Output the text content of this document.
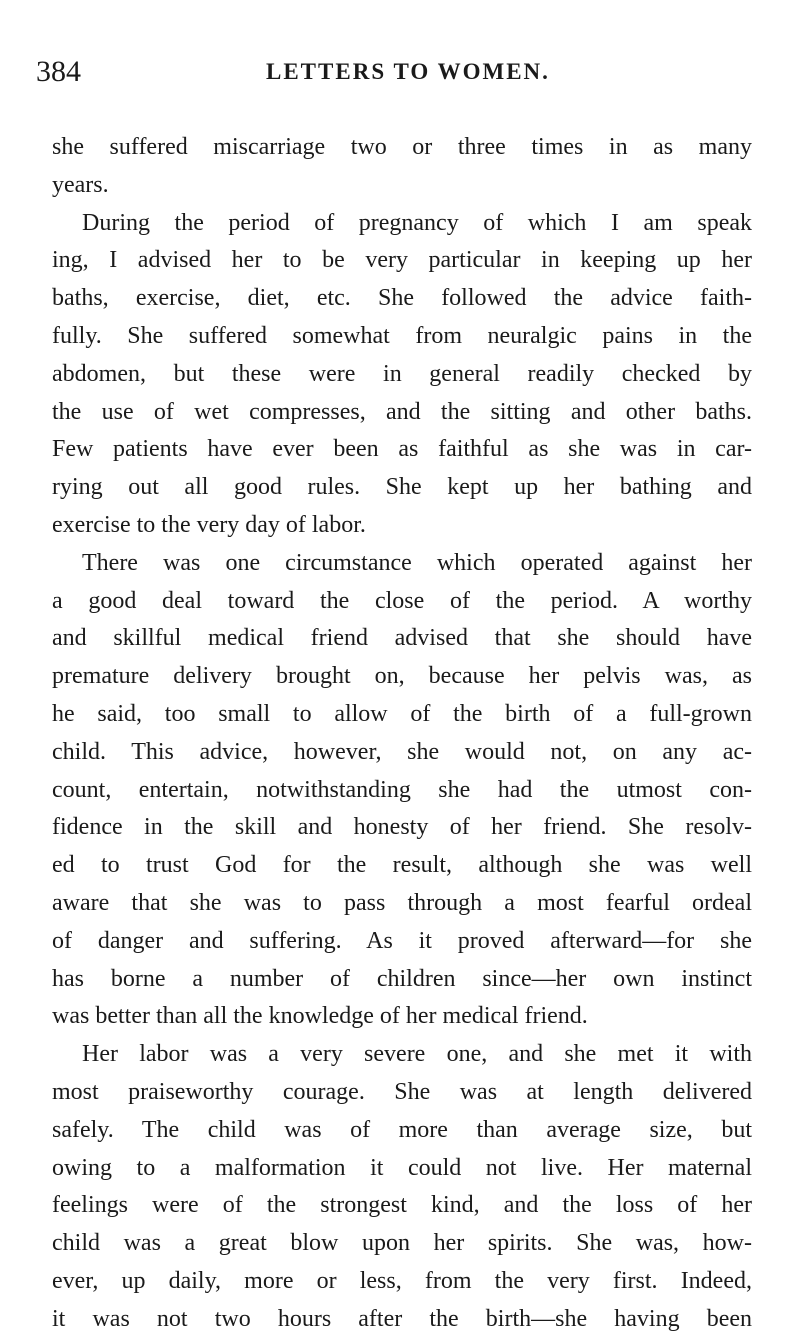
384	LETTERS TO WOMEN.
she suffered miscarriage two or three times in as many
years.
During the period of pregnancy of which I am speak
ing, I advised her to be very particular in keeping up her
baths, exercise, diet, etc. She followed the advice faith-
fully. She suffered somewhat from neuralgic pains in the
abdomen, but these were in general readily checked by
the use of wet compresses, and the sitting and other baths.
Few patients have ever been as faithful as she was in car-
rying out all good rules. She kept up her bathing and
exercise to the very day of labor.
There was one circumstance which operated against her
a good deal toward the close of the period. A worthy
and skillful medical friend advised that she should have
premature delivery brought on, because her pelvis was, as
he said, too small to allow of the birth of a full-grown
child. This advice, however, she would not, on any ac-
count, entertain, notwithstanding she had the utmost con-
fidence in the skill and honesty of her friend. She resolv-
ed to trust God for the result, although she was well
aware that she was to pass through a most fearful ordeal
of danger and suffering. As it proved afterward—for she
has borne a number of children since—her own instinct
was better than all the knowledge of her medical friend.
Her labor was a very severe one, and she met it with
most praiseworthy courage. She was at length delivered
safely. The child was of more than average size, but
owing to a malformation it could not live. Her maternal
feelings were of the strongest kind, and the loss of her
child was a great blow upon her spirits. She was, how-
ever, up daily, more or less, from the very first. Indeed,
it was not two hours after the birth—she having been
